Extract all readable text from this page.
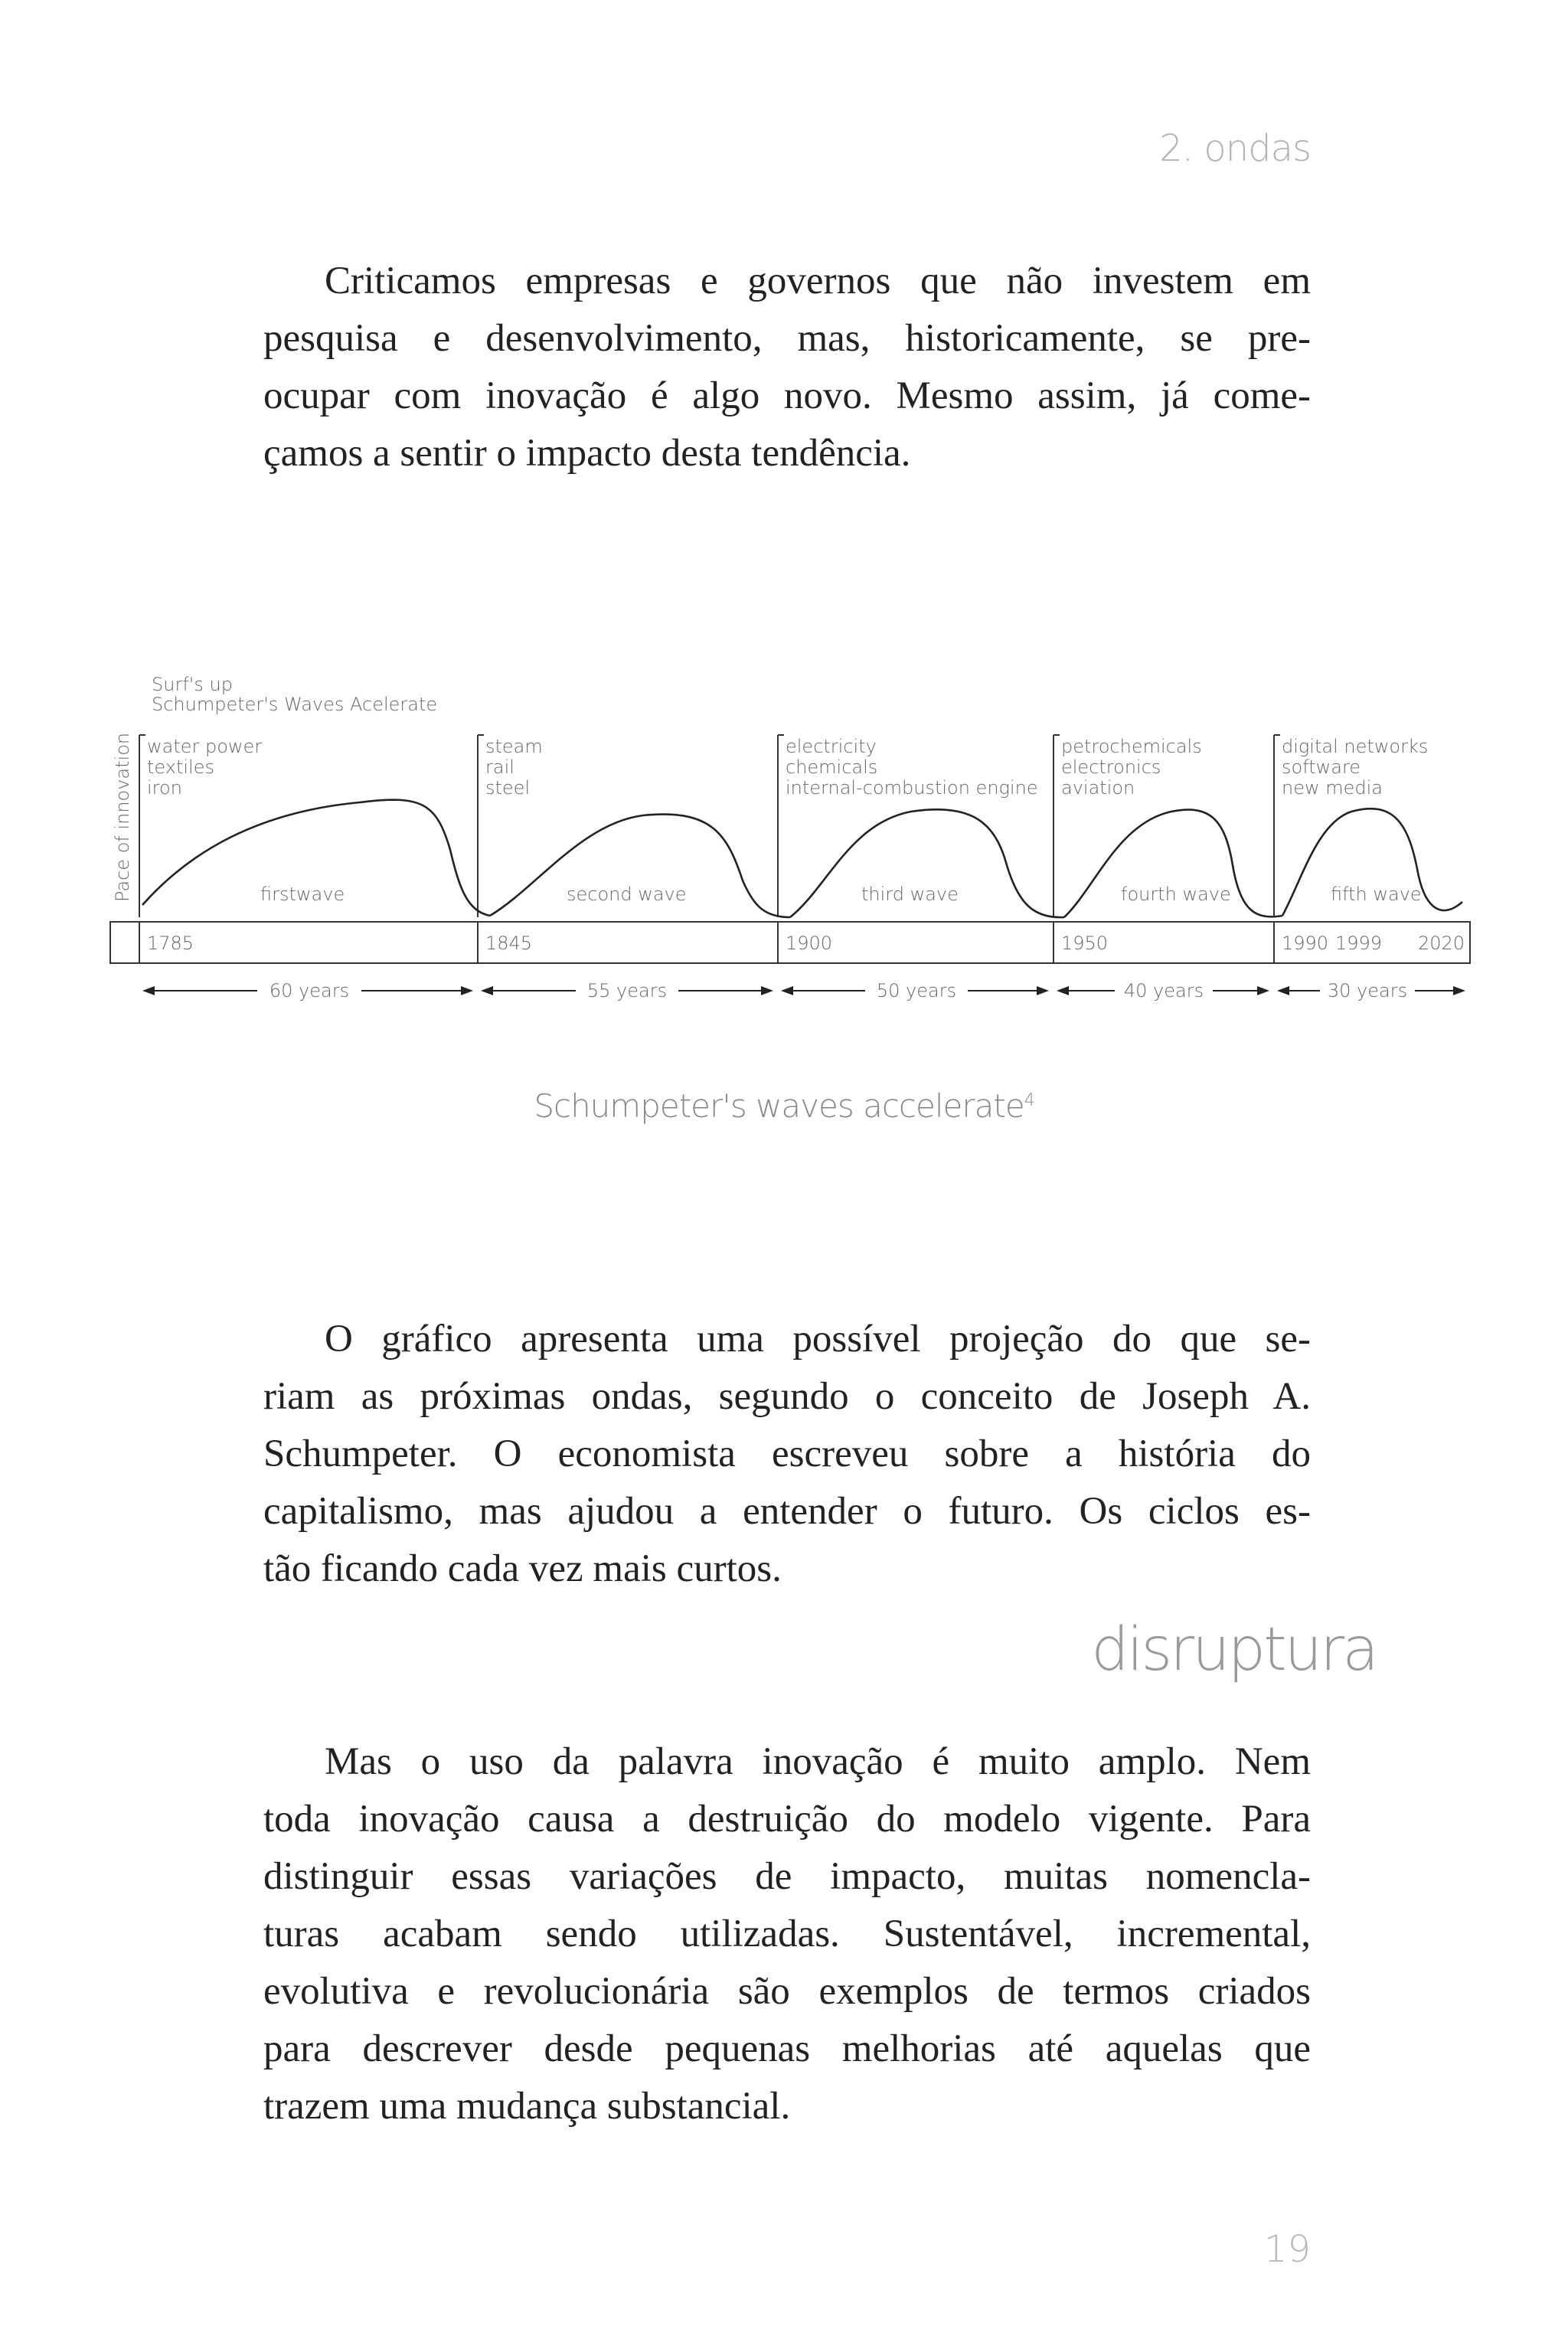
2. ondas

Criticamos empresas e governos que não investem em
pesquisa e desenvolvimento, mas, historicamente, se pre-
ocupar com inovação é algo novo. Mesmo assim, já come-
çamos a sentir o impacto desta tendência.

Surf's up
Schumpeter's Waves Acelerate
Pace of innovation water power
textiles
iron
steam
rail
steel
electricity
chemicals
internal-combustion engine
petrochemicals
electronics
aviation
digital networks
software
new media
firstwave	second wave	third wave	fourth wave	fifth wave
1785	1845	1900	1950	1990 1999 2020
60 years	55 years	50 years	40 years	30 years
Schumpeter's waves accelerate$^4$

O gráfico apresenta uma possível projeção do que se-
riam as próximas ondas, segundo o conceito de Joseph A.
Schumpeter. O economista escreveu sobre a história do
capitalismo, mas ajudou a entender o futuro. Os ciclos es-
tão ficando cada vez mais curtos.

disruptura

Mas o uso da palavra inovação é muito amplo. Nem
toda inovação causa a destruição do modelo vigente. Para
distinguir essas variações de impacto, muitas nomencla-
turas acabam sendo utilizadas. Sustentável, incremental,
evolutiva e revolucionária são exemplos de termos criados
para descrever desde pequenas melhorias até aquelas que
trazem uma mudança substancial.

19
